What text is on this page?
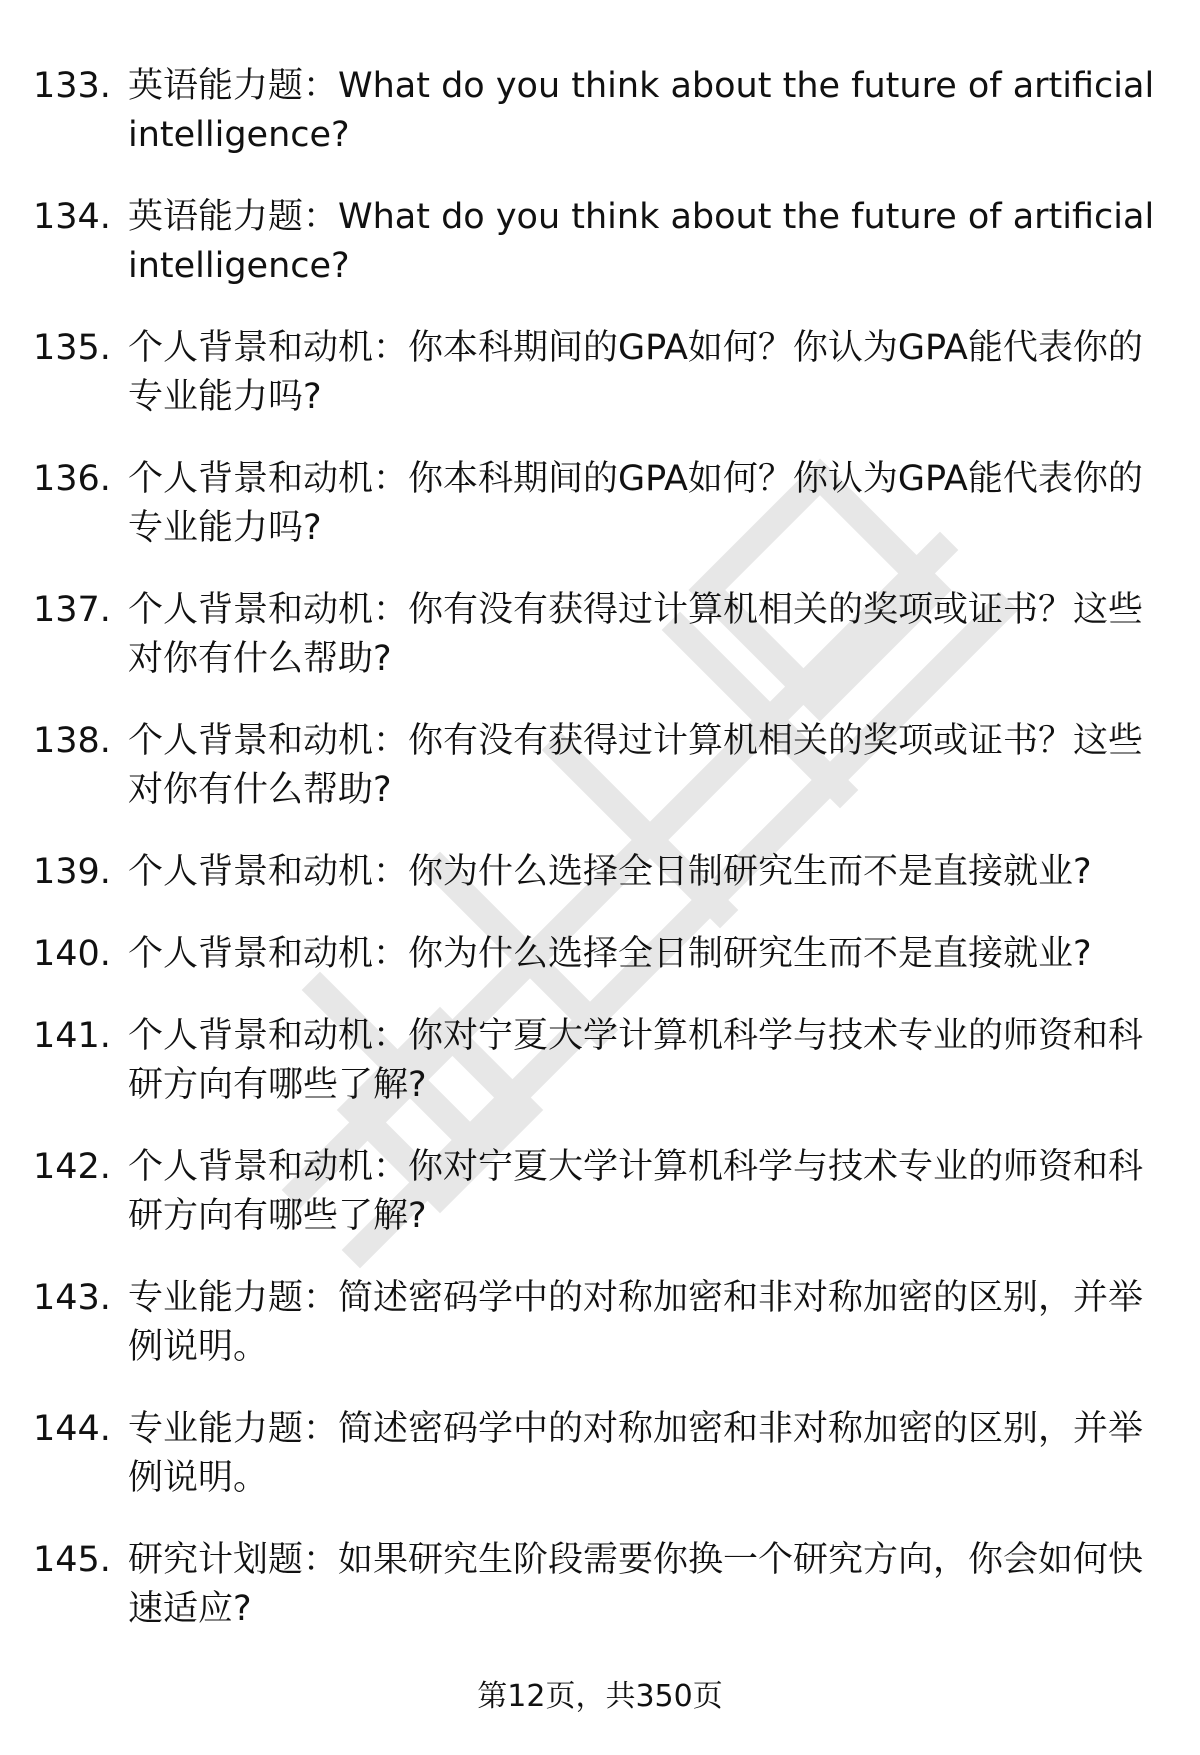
133. 英语能力题：What do you think about the future of artificial intelligence?
134. 英语能力题：What do you think about the future of artificial intelligence?
135. 个人背景和动机：你本科期间的GPA如何？你认为GPA能代表你的专业能力吗?
136. 个人背景和动机：你本科期间的GPA如何？你认为GPA能代表你的专业能力吗?
137. 个人背景和动机：你有没有获得过计算机相关的奖项或证书？这些对你有什么帮助?
138. 个人背景和动机：你有没有获得过计算机相关的奖项或证书？这些对你有什么帮助?
139. 个人背景和动机：你为什么选择全日制研究生而不是直接就业?
140. 个人背景和动机：你为什么选择全日制研究生而不是直接就业?
141. 个人背景和动机：你对宁夏大学计算机科学与技术专业的师资和科研方向有哪些了解?
142. 个人背景和动机：你对宁夏大学计算机科学与技术专业的师资和科研方向有哪些了解?
143. 专业能力题：简述密码学中的对称加密和非对称加密的区别，并举例说明。
144. 专业能力题：简述密码学中的对称加密和非对称加密的区别，并举例说明。
145. 研究计划题：如果研究生阶段需要你换一个研究方向，你会如何快速适应?
第12页，共350页
